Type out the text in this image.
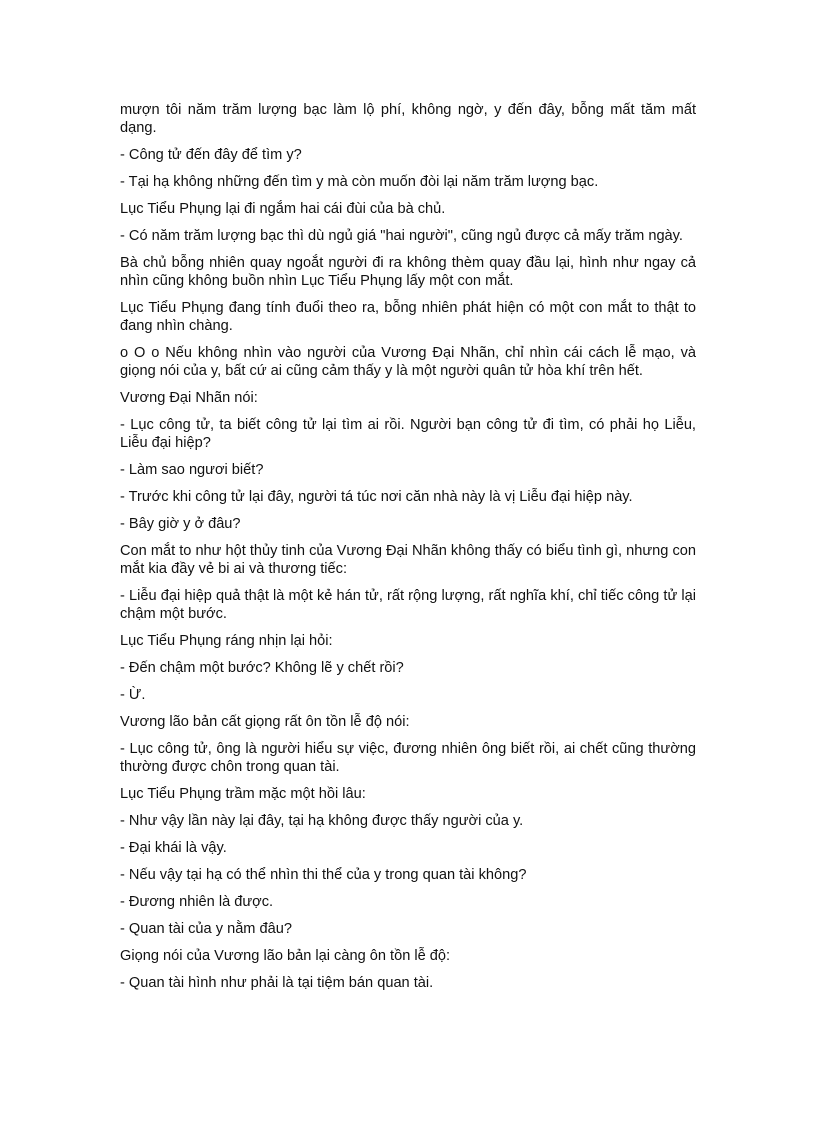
mượn tôi năm trăm lượng bạc làm lộ phí, không ngờ, y đến đây, bỗng mất tăm mất dạng.

- Công tử đến đây để tìm y?

- Tại hạ không những đến tìm y mà còn muốn đòi lại năm trăm lượng bạc.

Lục Tiểu Phụng lại đi ngắm hai cái đùi của bà chủ.

- Có năm trăm lượng bạc thì dù ngủ giá "hai người", cũng ngủ được cả mấy trăm ngày.

Bà chủ bỗng nhiên quay ngoắt người đi ra không thèm quay đầu lại, hình như ngay cả nhìn cũng không buồn nhìn Lục Tiểu Phụng lấy một con mắt.

Lục Tiểu Phụng đang tính đuổi theo ra, bỗng nhiên phát hiện có một con mắt to thật to đang nhìn chàng.

o O o Nếu không nhìn vào người của Vương Đại Nhãn, chỉ nhìn cái cách lễ mạo, và giọng nói của y, bất cứ ai cũng cảm thấy y là một người quân tử hòa khí trên hết.

Vương Đại Nhãn nói:

- Lục công tử, ta biết công tử lại tìm ai rồi. Người bạn công tử đi tìm, có phải họ Liễu, Liễu đại hiệp?

- Làm sao ngươi biết?

- Trước khi công tử lại đây, người tá túc nơi căn nhà này là vị Liễu đại hiệp này.

- Bây giờ y ở đâu?

Con mắt to như hột thủy tinh của Vương Đại Nhãn không thấy có biểu tình gì, nhưng con mắt kia đầy vẻ bi ai và thương tiếc:

- Liễu đại hiệp quả thật là một kẻ hán tử, rất rộng lượng, rất nghĩa khí, chỉ tiếc công tử lại chậm một bước.

Lục Tiểu Phụng ráng nhịn lại hỏi:

- Đến chậm một bước? Không lẽ y chết rồi?

- Ừ.

Vương lão bản cất giọng rất ôn tồn lễ độ nói:

- Lục công tử, ông là người hiểu sự việc, đương nhiên ông biết rồi, ai chết cũng thường thường được chôn trong quan tài.

Lục Tiểu Phụng trầm mặc một hồi lâu:

- Như vậy lần này lại đây, tại hạ không được thấy người của y.

- Đại khái là vậy.

- Nếu vậy tại hạ có thể nhìn thi thể của y trong quan tài không?

- Đương nhiên là được.

- Quan tài của y nằm đâu?

Giọng nói của Vương lão bản lại càng ôn tồn lễ độ:

- Quan tài hình như phải là tại tiệm bán quan tài.
